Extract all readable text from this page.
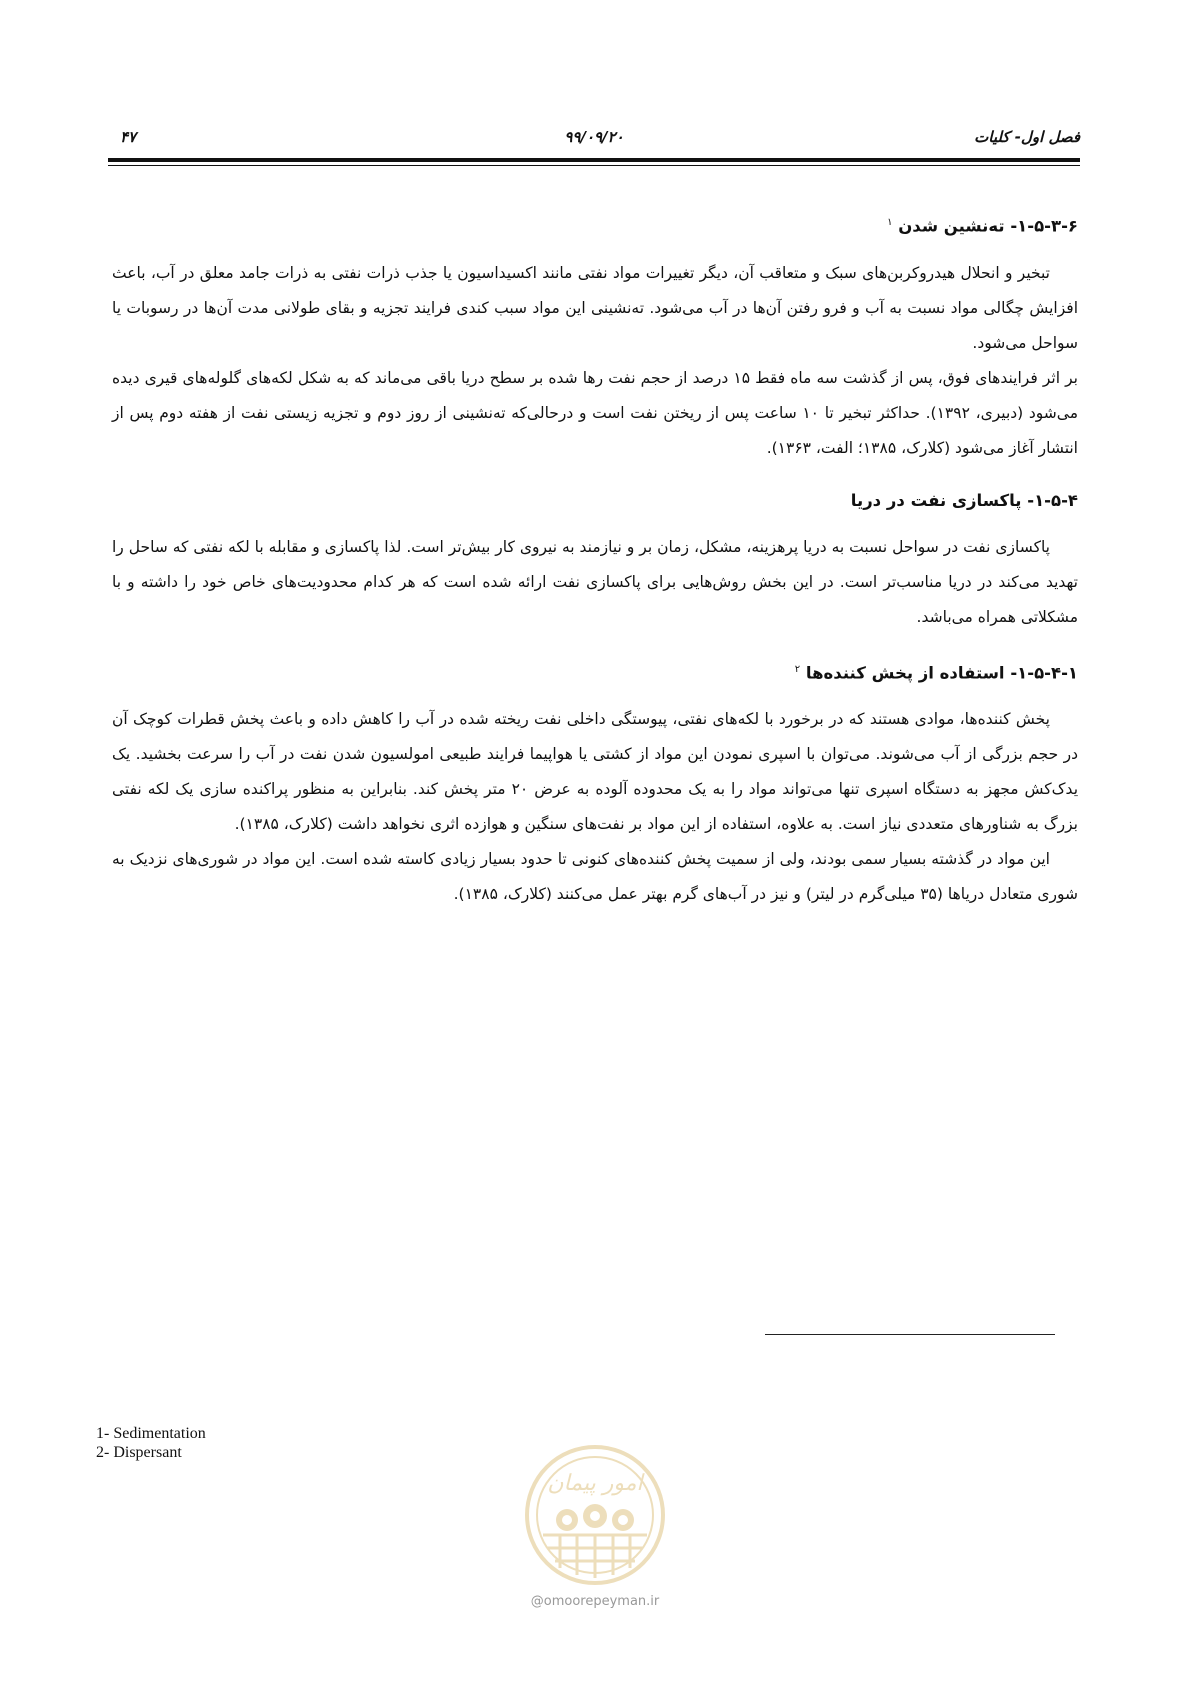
فصل اول- کلیات
۹۹/۰۹/۲۰
۴۷
۱-۵-۳-۶- ته‌نشین شدن $^۱$

تبخیر و انحلال هیدروکربن‌های سبک و متعاقب آن، دیگر تغییرات مواد نفتی مانند اکسیداسیون یا جذب ذرات نفتی به ذرات جامد معلق در آب، باعث افزایش چگالی مواد نسبت به آب و فرو رفتن آن‌ها در آب می‌شود. ته‌نشینی این مواد سبب کندی فرایند تجزیه و بقای طولانی مدت آن‌ها در رسوبات یا سواحل می‌شود.

بر اثر فرایندهای فوق، پس از گذشت سه ماه فقط ۱۵ درصد از حجم نفت رها شده بر سطح دریا باقی می‌ماند که به شکل لکه‌های گلوله‌های قیری دیده می‌شود (دبیری، ۱۳۹۲). حداکثر تبخیر تا ۱۰ ساعت پس از ریختن نفت است و درحالی‌که ته‌نشینی از روز دوم و تجزیه زیستی نفت از هفته دوم پس از انتشار آغاز می‌شود (کلارک، ۱۳۸۵؛ الفت، ۱۳۶۳).

۱-۵-۴- پاکسازی نفت در دریا

پاکسازی نفت در سواحل نسبت به دریا پرهزینه، مشکل، زمان بر و نیازمند به نیروی کار بیش‌تر است. لذا پاکسازی و مقابله با لکه نفتی که ساحل را تهدید می‌کند در دریا مناسب‌تر است. در این بخش روش‌هایی برای پاکسازی نفت ارائه شده است که هر کدام محدودیت‌های خاص خود را داشته و با مشکلاتی همراه می‌باشد.

۱-۵-۴-۱- استفاده از پخش کننده‌ها $^۲$

پخش کننده‌ها، موادی هستند که در برخورد با لکه‌های نفتی، پیوستگی داخلی نفت ریخته شده در آب را کاهش داده و باعث پخش قطرات کوچک آن در حجم بزرگی از آب می‌شوند. می‌توان با اسپری نمودن این مواد از کشتی یا هواپیما فرایند طبیعی امولسیون شدن نفت در آب را سرعت بخشید. یک یدک‌کش مجهز به دستگاه اسپری تنها می‌تواند مواد را به یک محدوده آلوده به عرض ۲۰ متر پخش کند. بنابراین به منظور پراکنده سازی یک لکه نفتی بزرگ به شناورهای متعددی نیاز است. به علاوه، استفاده از این مواد بر نفت‌های سنگین و هوازده اثری نخواهد داشت (کلارک، ۱۳۸۵).

این مواد در گذشته بسیار سمی بودند، ولی از سمیت پخش کننده‌های کنونی تا حدود بسیار زیادی کاسته شده است. این مواد در شوری‌های نزدیک به شوری متعادل دریاها (۳۵ میلی‌گرم در لیتر) و نیز در آب‌های گرم بهتر عمل می‌کنند (کلارک، ۱۳۸۵).

1- Sedimentation
2- Dispersant
امور پیمان
@omoorepeyman.ir
